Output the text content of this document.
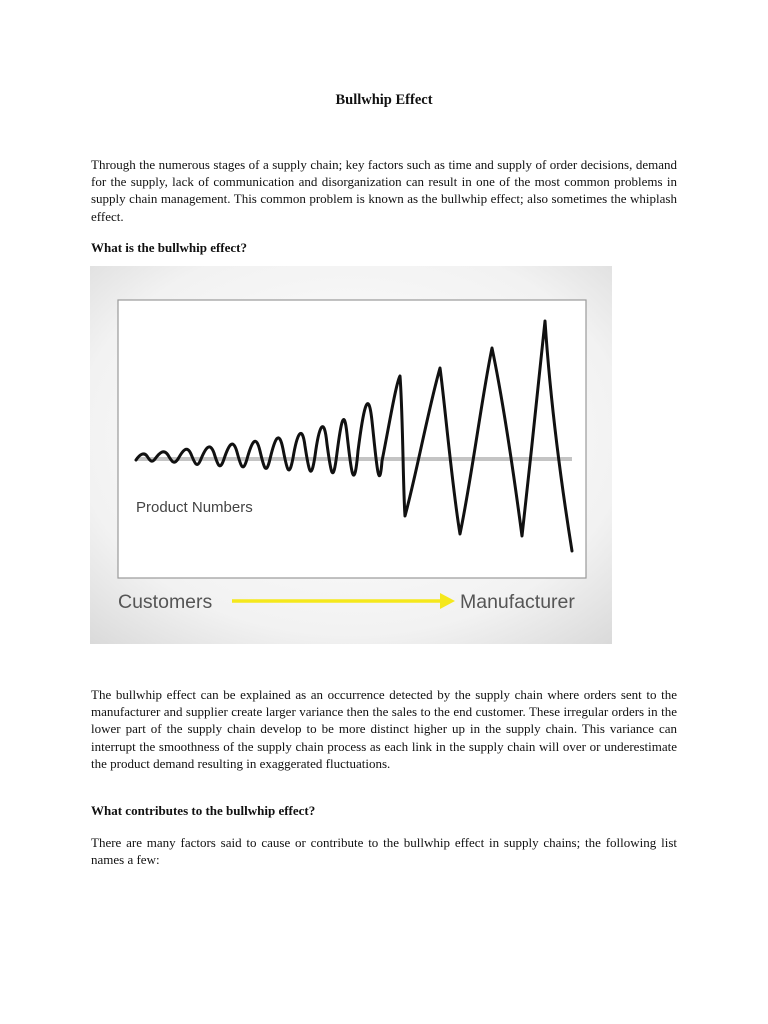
Bullwhip Effect

Through the numerous stages of a supply chain; key factors such as time and supply of order decisions, demand for the supply, lack of communication and disorganization can result in one of the most common problems in supply chain management. This common problem is known as the bullwhip effect; also sometimes the whiplash effect.

What is the bullwhip effect?

Product Numbers
Customers	Manufacturer

The bullwhip effect can be explained as an occurrence detected by the supply chain where orders sent to the manufacturer and supplier create larger variance then the sales to the end customer. These irregular orders in the lower part of the supply chain develop to be more distinct higher up in the supply chain. This variance can interrupt the smoothness of the supply chain process as each link in the supply chain will over or underestimate the product demand resulting in exaggerated fluctuations.

What contributes to the bullwhip effect?

There are many factors said to cause or contribute to the bullwhip effect in supply chains; the following list names a few:
